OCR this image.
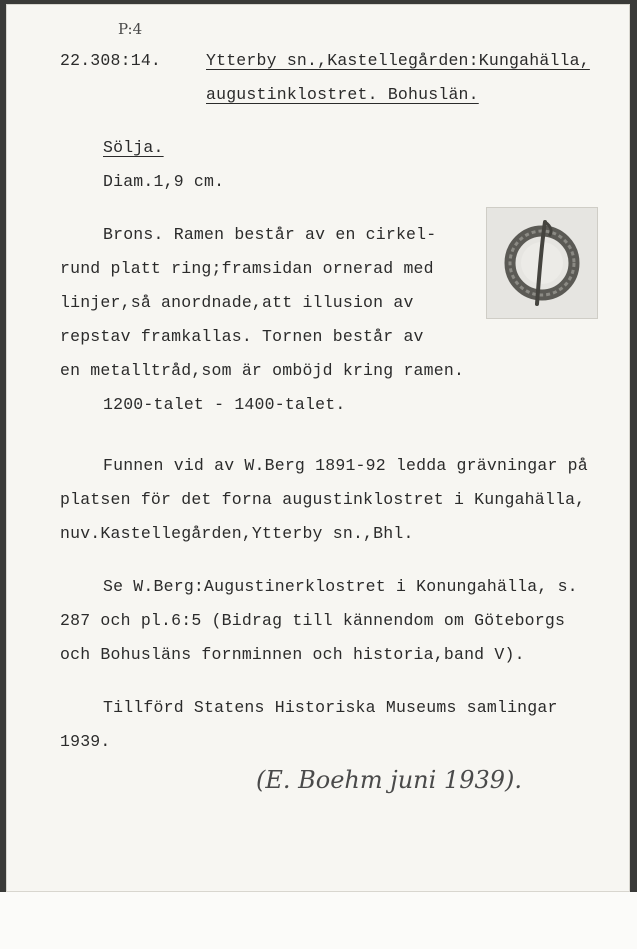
P:4
22.308:14.	Ytterby sn.,Kastellegården:Kungahälla,
augustinklostret. Bohuslän.
Sölja.
Diam.1,9 cm.
Brons. Ramen består av en cirkel-
rund platt ring;framsidan ornerad med
linjer,så anordnade,att illusion av
repstav framkallas. Tornen består av
en metalltråd,som är omböjd kring ramen.
1200-talet - 1400-talet.
Funnen vid av W.Berg 1891-92 ledda grävningar på
platsen för det forna augustinklostret i Kungahälla,
nuv.Kastellegården,Ytterby sn.,Bhl.
Se W.Berg:Augustinerklostret i Konungahälla, s.
287 och pl.6:5 (Bidrag till kännendom om Göteborgs
och Bohusläns fornminnen och historia,band V).
Tillförd Statens Historiska Museums samlingar
1939.
(E. Boehm juni 1939).
